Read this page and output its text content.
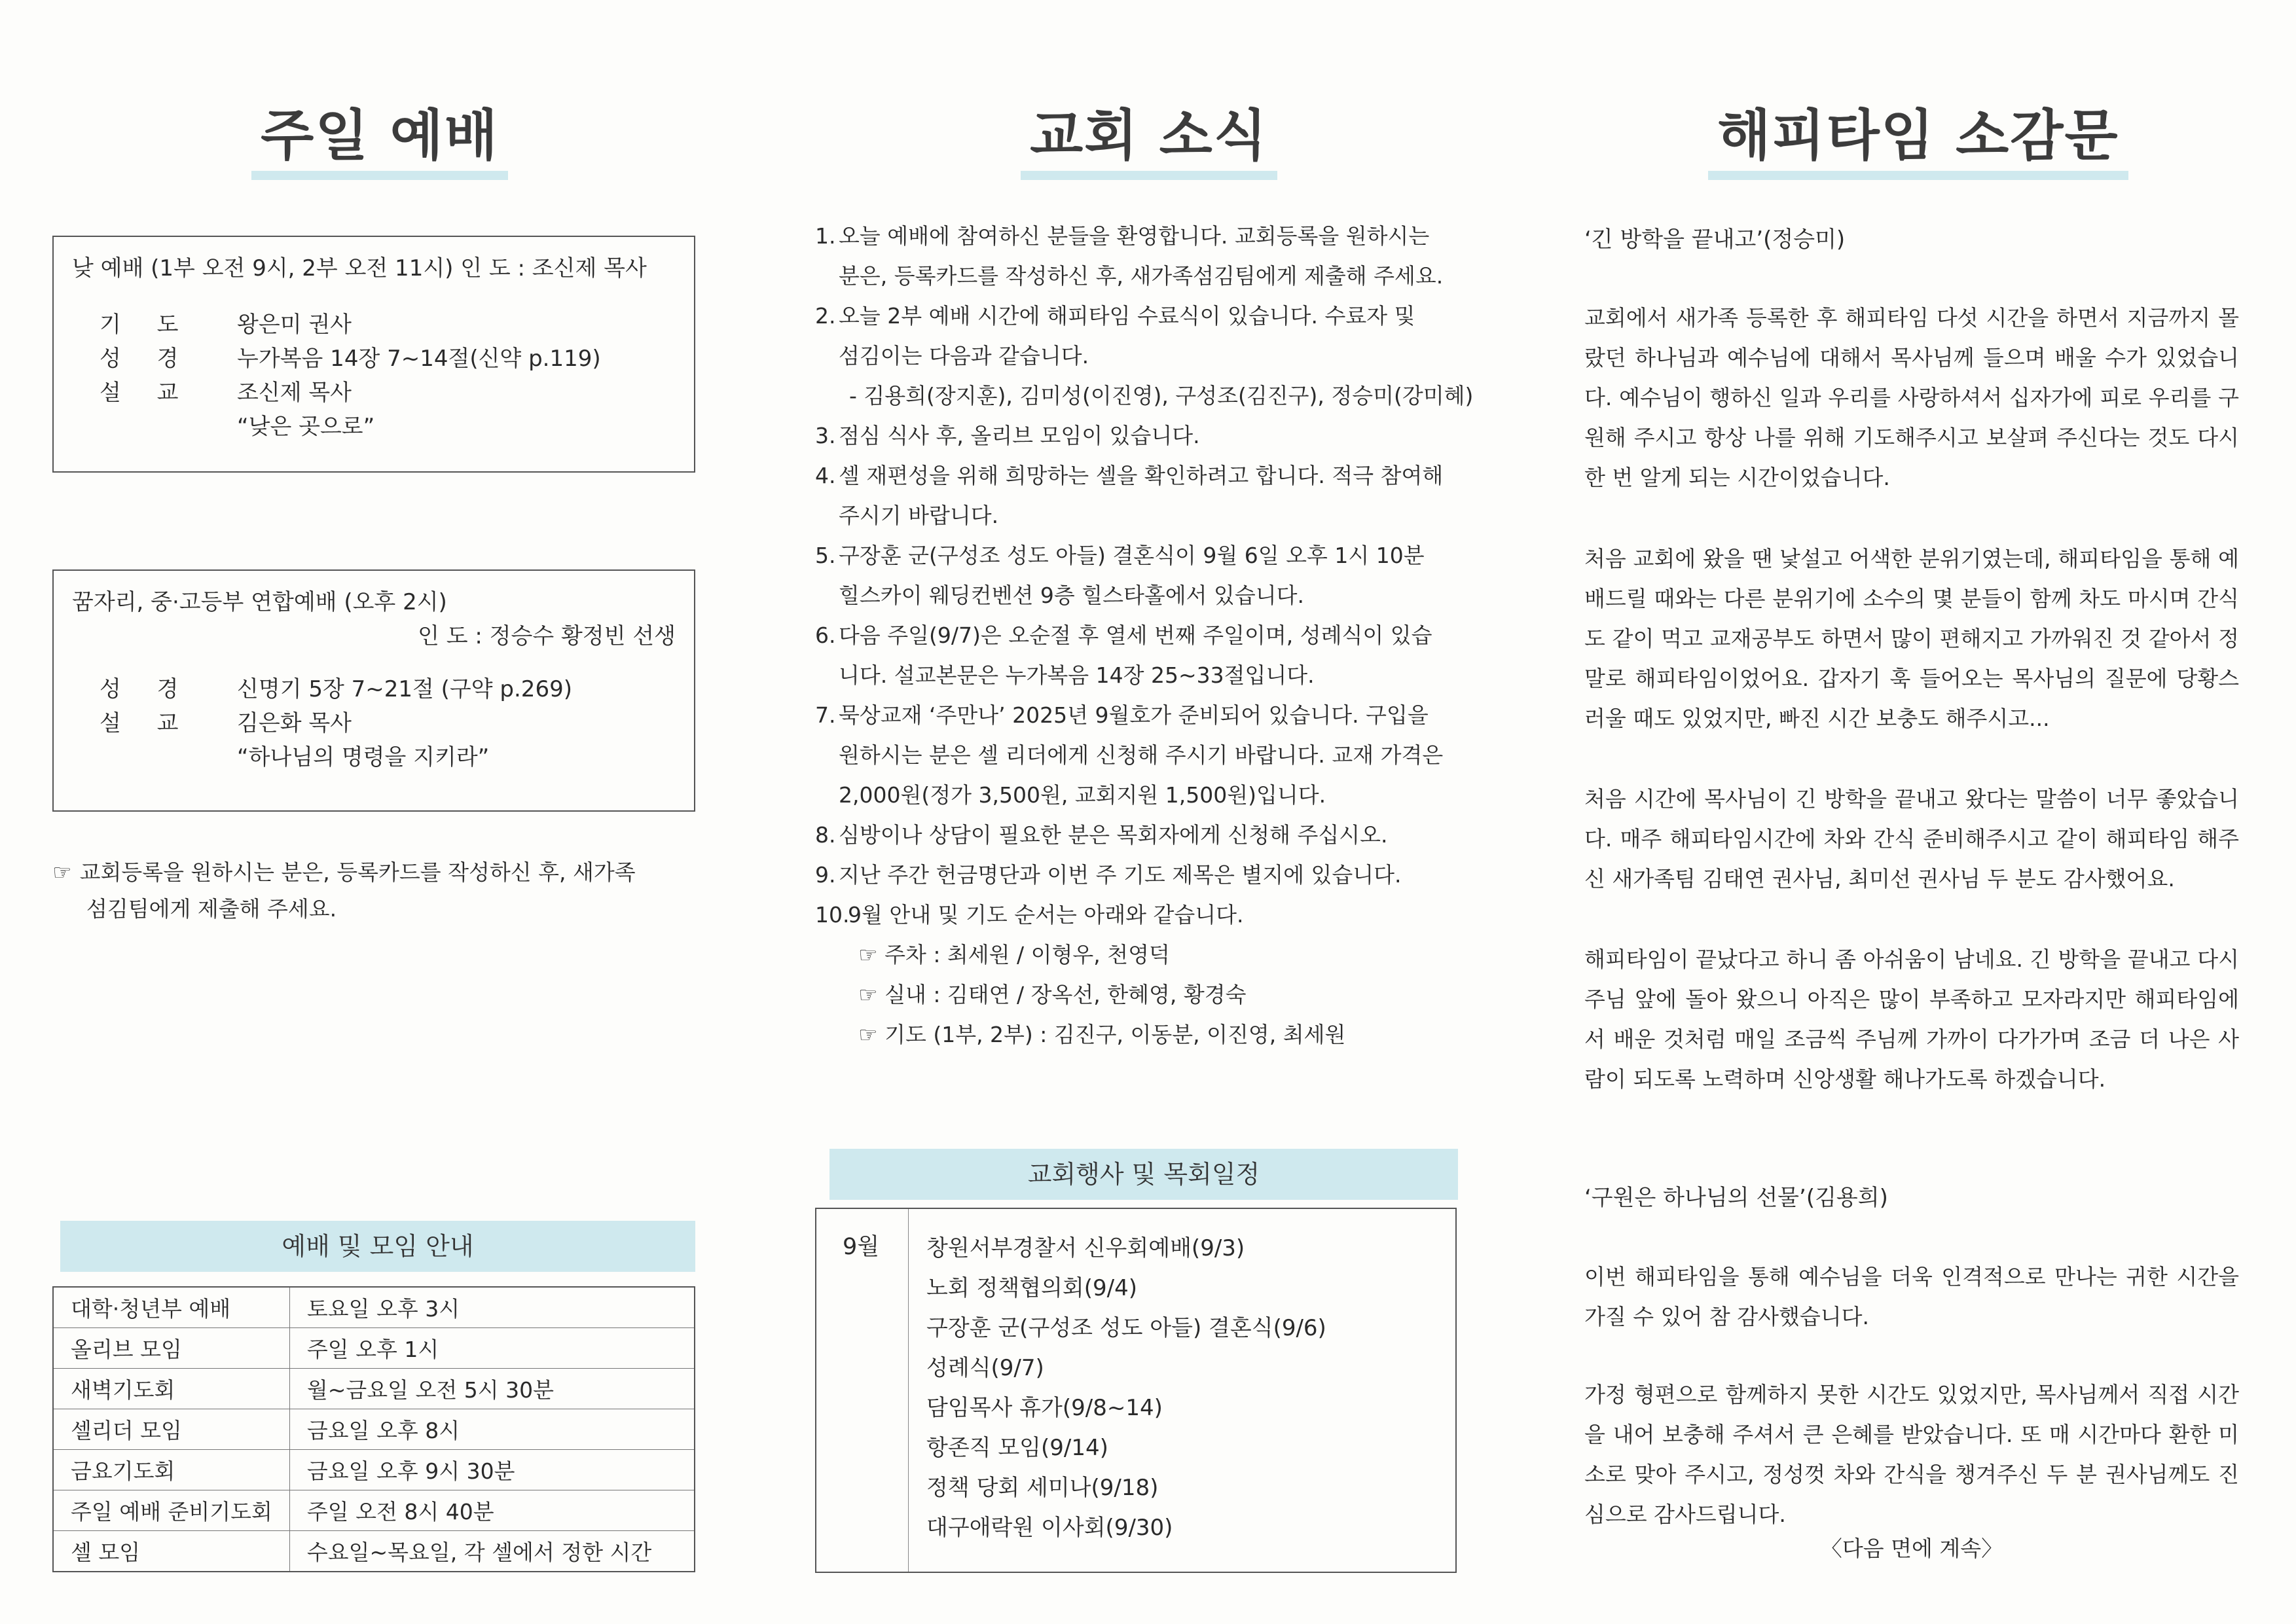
주일 예배
낮 예배 (1부 오전 9시, 2부 오전 11시) 인 도 : 조신제 목사
기 도 왕은미 권사
성 경 누가복음 14장 7~14절(신약 p.119)
설 교 조신제 목사
“낮은 곳으로”
꿈자리, 중·고등부 연합예배 (오후 2시)
인 도 : 정승수 황정빈 선생
성 경 신명기 5장 7~21절 (구약 p.269)
설 교 김은화 목사
“하나님의 명령을 지키라”
☞ 교회등록을 원하시는 분은, 등록카드를 작성하신 후, 새가족
섬김팀에게 제출해 주세요.
예배 및 모임 안내
대학·청년부 예배	토요일 오후 3시
올리브 모임	주일 오후 1시
새벽기도회	월~금요일 오전 5시 30분
셀리더 모임	금요일 오후 8시
금요기도회	금요일 오후 9시 30분
주일 예배 준비기도회	주일 오전 8시 40분
셀 모임	수요일~목요일, 각 셀에서 정한 시간
교회 소식
1. 오늘 예배에 참여하신 분들을 환영합니다. 교회등록을 원하시는
분은, 등록카드를 작성하신 후, 새가족섬김팀에게 제출해 주세요.
2. 오늘 2부 예배 시간에 해피타임 수료식이 있습니다. 수료자 및
섬김이는 다음과 같습니다.
- 김용희(장지훈), 김미성(이진영), 구성조(김진구), 정승미(강미혜)
3. 점심 식사 후, 올리브 모임이 있습니다.
4. 셀 재편성을 위해 희망하는 셀을 확인하려고 합니다. 적극 참여해
주시기 바랍니다.
5. 구장훈 군(구성조 성도 아들) 결혼식이 9월 6일 오후 1시 10분
힐스카이 웨딩컨벤션 9층 힐스타홀에서 있습니다.
6. 다음 주일(9/7)은 오순절 후 열세 번째 주일이며, 성례식이 있습
니다. 설교본문은 누가복음 14장 25~33절입니다.
7. 묵상교재 ‘주만나’ 2025년 9월호가 준비되어 있습니다. 구입을
원하시는 분은 셀 리더에게 신청해 주시기 바랍니다. 교재 가격은
2,000원(정가 3,500원, 교회지원 1,500원)입니다.
8. 심방이나 상담이 필요한 분은 목회자에게 신청해 주십시오.
9. 지난 주간 헌금명단과 이번 주 기도 제목은 별지에 있습니다.
10.
9월 안내 및 기도 순서는 아래와 같습니다.
☞ 주차 : 최세원 / 이형우, 천영덕
☞ 실내 : 김태연 / 장옥선, 한혜영, 황경숙
☞ 기도 (1부, 2부) : 김진구, 이동분, 이진영, 최세원
교회행사 및 목회일정
9월 창원서부경찰서 신우회예배(9/3)
노회 정책협의회(9/4)
구장훈 군(구성조 성도 아들) 결혼식(9/6)
성례식(9/7)
담임목사 휴가(9/8~14)
항존직 모임(9/14)
정책 당회 세미나(9/18)
대구애락원 이사회(9/30)
해피타임 소감문
‘긴 방학을 끝내고’(정승미)
교회에서 새가족 등록한 후 해피타임 다섯 시간을 하면서 지금까지 몰랐던 하나님과 예수님에 대해서 목사님께 들으며 배울 수가 있었습니다. 예수님이 행하신 일과 우리를 사랑하셔서 십자가에 피로 우리를 구원해 주시고 항상 나를 위해 기도해주시고 보살펴 주신다는 것도 다시 한 번 알게 되는 시간이었습니다.
처음 교회에 왔을 땐 낯설고 어색한 분위기였는데, 해피타임을 통해 예배드릴 때와는 다른 분위기에 소수의 몇 분들이 함께 차도 마시며 간식도 같이 먹고 교재공부도 하면서 많이 편해지고 가까워진 것 같아서 정말로 해피타임이었어요. 갑자기 훅 들어오는 목사님의 질문에 당황스러울 때도 있었지만, 빠진 시간 보충도 해주시고...
처음 시간에 목사님이 긴 방학을 끝내고 왔다는 말씀이 너무 좋았습니다. 매주 해피타임시간에 차와 간식 준비해주시고 같이 해피타임 해주신 새가족팀 김태연 권사님, 최미선 권사님 두 분도 감사했어요.
해피타임이 끝났다고 하니 좀 아쉬움이 남네요. 긴 방학을 끝내고 다시 주님 앞에 돌아 왔으니 아직은 많이 부족하고 모자라지만 해피타임에서 배운 것처럼 매일 조금씩 주님께 가까이 다가가며 조금 더 나은 사람이 되도록 노력하며 신앙생활 해나가도록 하겠습니다.
‘구원은 하나님의 선물’(김용희)
이번 해피타임을 통해 예수님을 더욱 인격적으로 만나는 귀한 시간을 가질 수 있어 참 감사했습니다.
가정 형편으로 함께하지 못한 시간도 있었지만, 목사님께서 직접 시간을 내어 보충해 주셔서 큰 은혜를 받았습니다. 또 매 시간마다 환한 미소로 맞아 주시고, 정성껏 차와 간식을 챙겨주신 두 분 권사님께도 진심으로 감사드립니다.
〈다음 면에 계속〉
